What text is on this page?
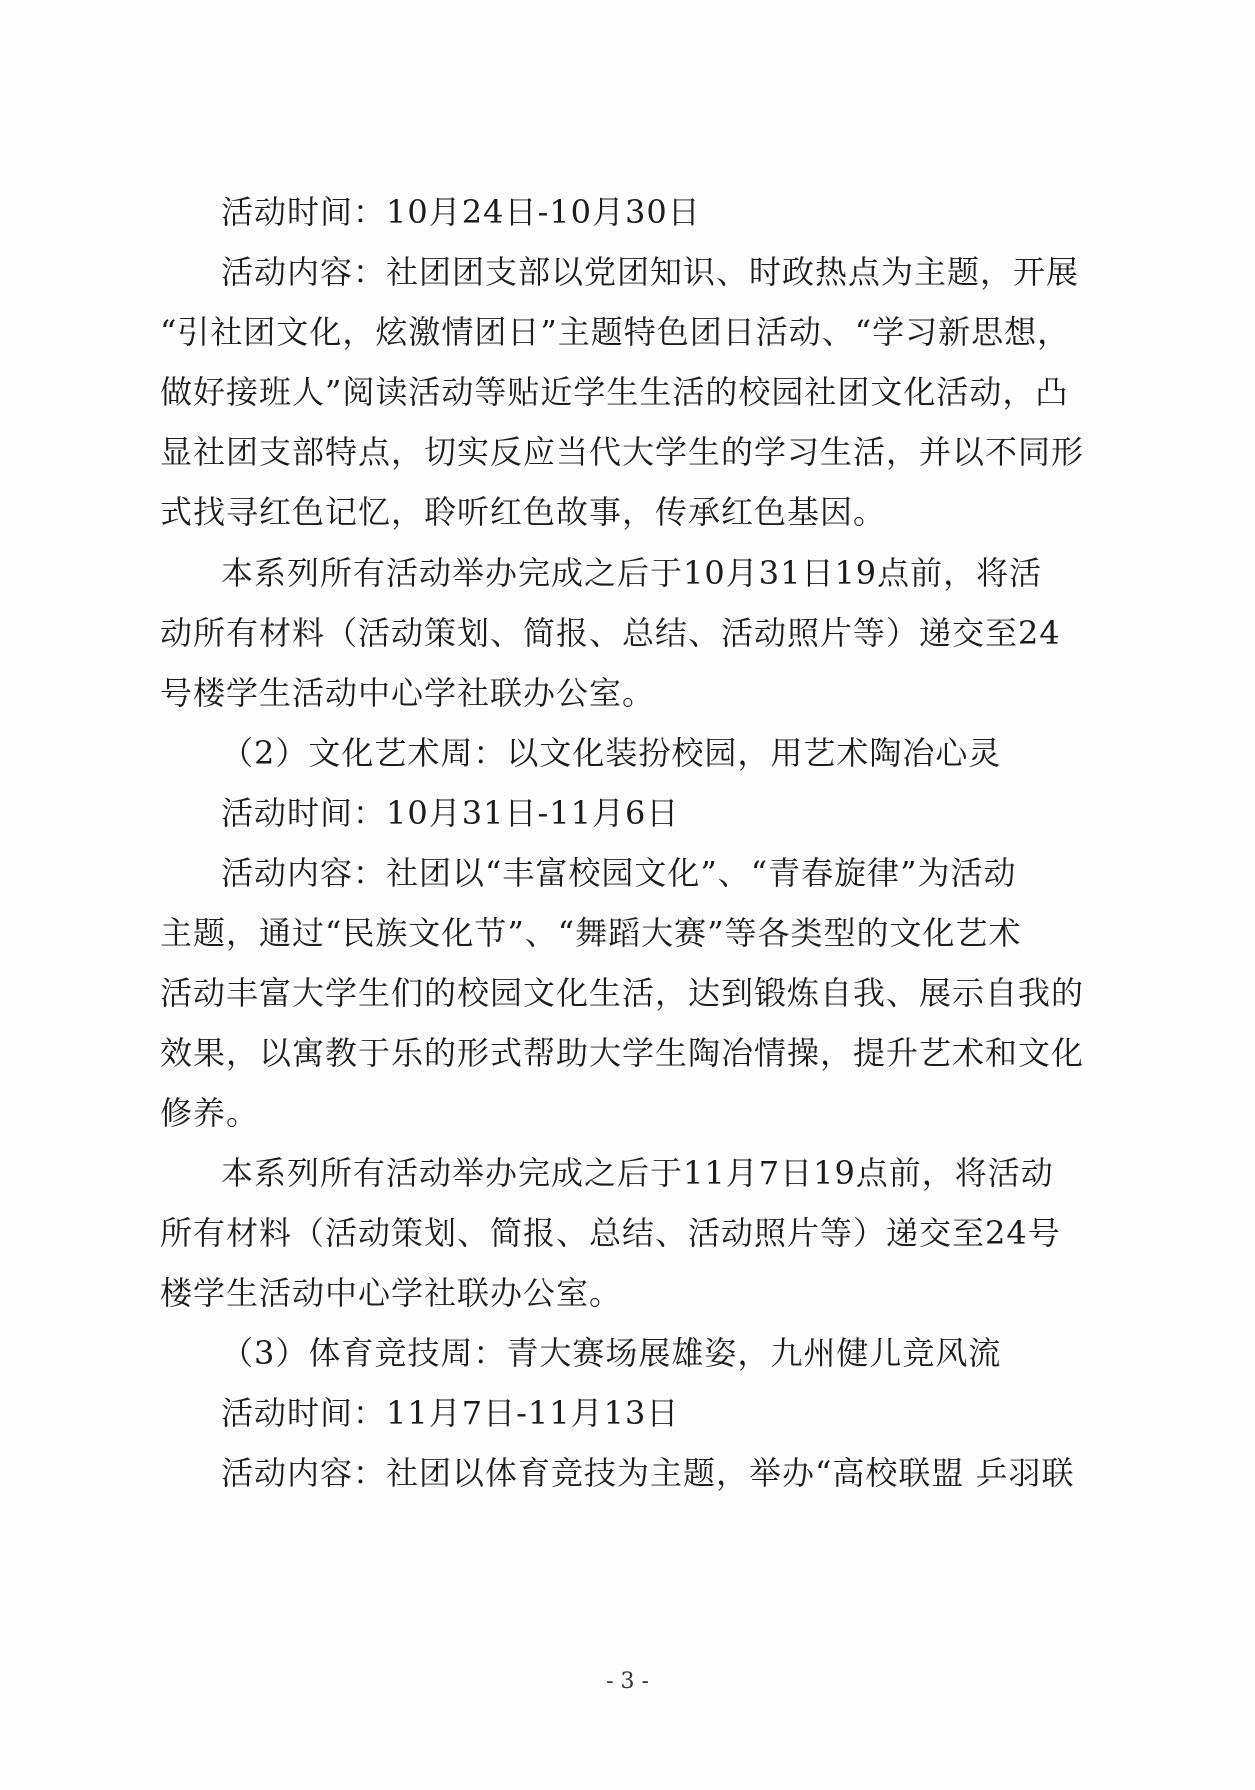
活动时间：10月24日-10月30日

活动内容：社团团支部以党团知识、时政热点为主题，开展

“引社团文化，炫激情团日”主题特色团日活动、“学习新思想，

做好接班人”阅读活动等贴近学生生活的校园社团文化活动，凸

显社团支部特点，切实反应当代大学生的学习生活，并以不同形

式找寻红色记忆，聆听红色故事，传承红色基因。

本系列所有活动举办完成之后于10月31日19点前，将活

动所有材料（活动策划、简报、总结、活动照片等）递交至24

号楼学生活动中心学社联办公室。

（2）文化艺术周：以文化装扮校园，用艺术陶冶心灵

活动时间：10月31日-11月6日

活动内容：社团以“丰富校园文化”、“青春旋律”为活动

主题，通过“民族文化节”、“舞蹈大赛”等各类型的文化艺术

活动丰富大学生们的校园文化生活，达到锻炼自我、展示自我的

效果，以寓教于乐的形式帮助大学生陶冶情操，提升艺术和文化

修养。

本系列所有活动举办完成之后于11月7日19点前，将活动

所有材料（活动策划、简报、总结、活动照片等）递交至24号

楼学生活动中心学社联办公室。

（3）体育竞技周：青大赛场展雄姿，九州健儿竞风流

活动时间：11月7日-11月13日

活动内容：社团以体育竞技为主题，举办“高校联盟 乒羽联

- 3 -
